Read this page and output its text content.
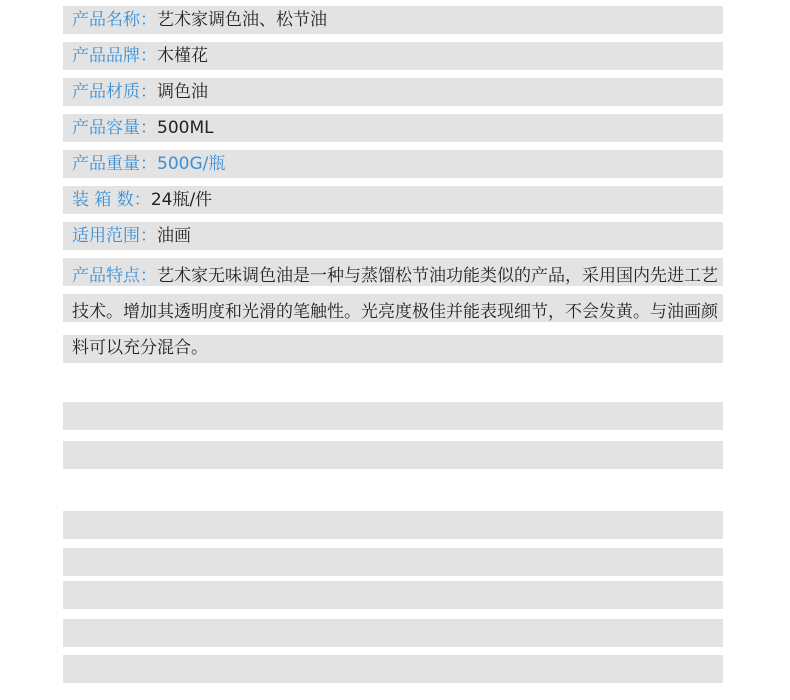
产品名称：艺术家调色油、松节油
产品品牌：木槿花
产品材质：调色油
产品容量：500ML
产品重量：500G/瓶
装 箱 数：24瓶/件
适用范围：油画
产品特点：艺术家无味调色油是一种与蒸馏松节油功能类似的产品，采用国内先进工艺技术。增加其透明度和光滑的笔触性。光亮度极佳并能表现细节，不会发黄。与油画颜料可以充分混合。
